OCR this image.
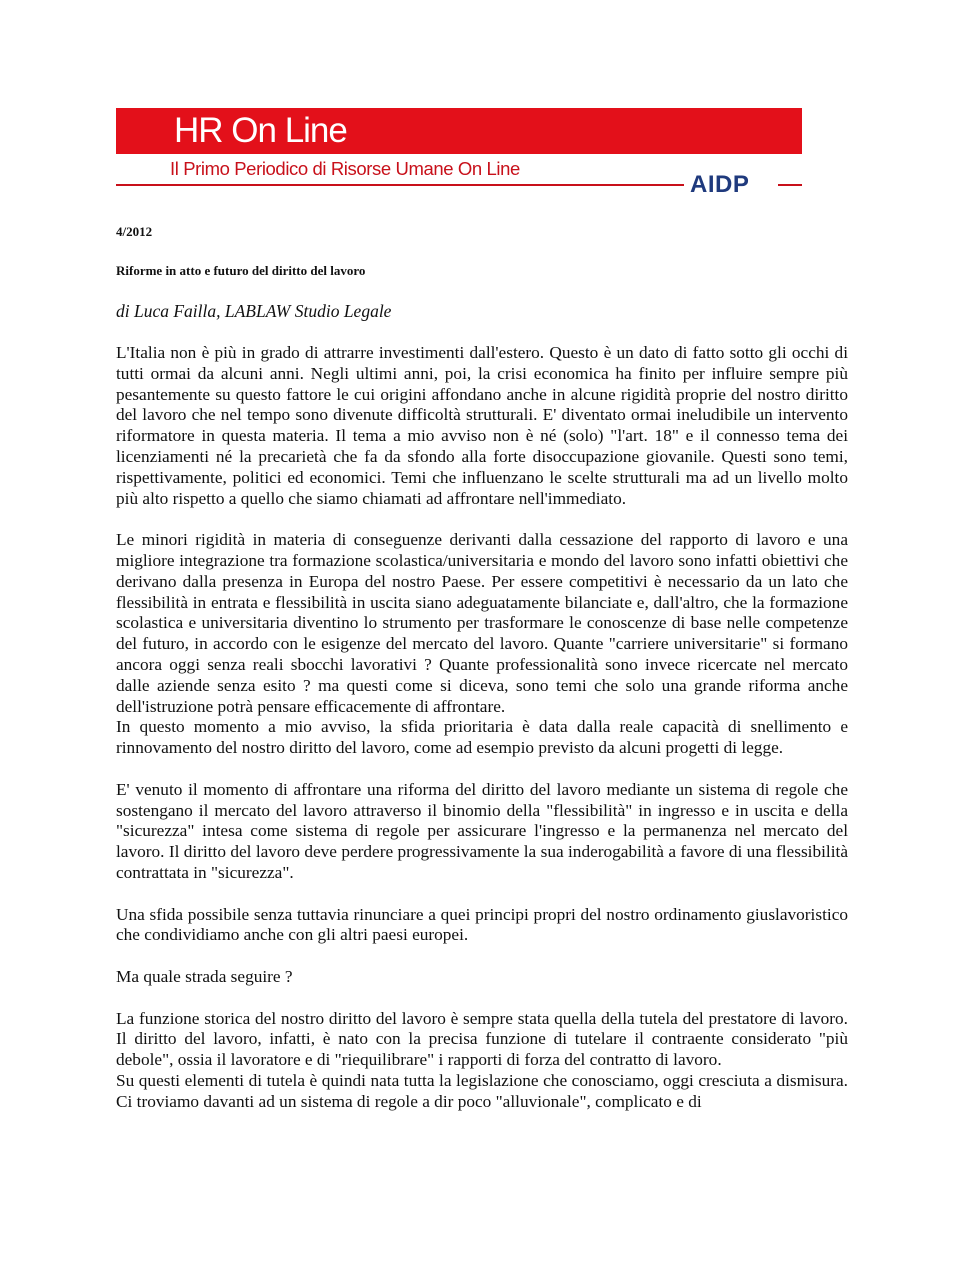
HR On Line
Il Primo Periodico di Risorse Umane On Line
AIDP
4/2012
Riforme in atto e futuro del diritto del lavoro
di Luca Failla, LABLAW Studio Legale

L'Italia non è più in grado di attrarre investimenti dall'estero. Questo è un dato di fatto sotto gli occhi di tutti ormai da alcuni anni. Negli ultimi anni, poi, la crisi economica ha finito per influire sempre più pesantemente su questo fattore le cui origini affondano anche in alcune rigidità proprie del nostro diritto del lavoro che nel tempo sono divenute difficoltà strutturali. E' diventato ormai ineludibile un intervento riformatore in questa materia. Il tema a mio avviso non è né (solo) "l'art. 18" e il connesso tema dei licenziamenti né la precarietà che fa da sfondo alla forte disoccupazione giovanile. Questi sono temi, rispettivamente, politici ed economici. Temi che influenzano le scelte strutturali ma ad un livello molto più alto rispetto a quello che siamo chiamati ad affrontare nell'immediato.

Le minori rigidità in materia di conseguenze derivanti dalla cessazione del rapporto di lavoro e una migliore integrazione tra formazione scolastica/universitaria e mondo del lavoro sono infatti obiettivi che derivano dalla presenza in Europa del nostro Paese. Per essere competitivi è necessario da un lato che flessibilità in entrata e flessibilità in uscita siano adeguatamente bilanciate e, dall'altro, che la formazione scolastica e universitaria diventino lo strumento per trasformare le conoscenze di base nelle competenze del futuro, in accordo con le esigenze del mercato del lavoro. Quante "carriere universitarie" si formano ancora oggi senza reali sbocchi lavorativi ? Quante professionalità sono invece ricercate nel mercato dalle aziende senza esito ? ma questi come si diceva, sono temi che solo una grande riforma anche dell'istruzione potrà pensare efficacemente di affrontare.

In questo momento a mio avviso, la sfida prioritaria è data dalla reale capacità di snellimento e rinnovamento del nostro diritto del lavoro, come ad esempio previsto da alcuni progetti di legge.

E' venuto il momento di affrontare una riforma del diritto del lavoro mediante un sistema di regole che sostengano il mercato del lavoro attraverso il binomio della "flessibilità" in ingresso e in uscita e della "sicurezza" intesa come sistema di regole per assicurare l'ingresso e la permanenza nel mercato del lavoro. Il diritto del lavoro deve perdere progressivamente la sua inderogabilità a favore di una flessibilità contrattata in "sicurezza".

Una sfida possibile senza tuttavia rinunciare a quei principi propri del nostro ordinamento giuslavoristico che condividiamo anche con gli altri paesi europei.

Ma quale strada seguire ?

La funzione storica del nostro diritto del lavoro è sempre stata quella della tutela del prestatore di lavoro. Il diritto del lavoro, infatti, è nato con la precisa funzione di tutelare il contraente considerato "più debole", ossia il lavoratore e di "riequilibrare" i rapporti di forza del contratto di lavoro.

Su questi elementi di tutela è quindi nata tutta la legislazione che conosciamo, oggi cresciuta a dismisura. Ci troviamo davanti ad un sistema di regole a dir poco "alluvionale", complicato e di
